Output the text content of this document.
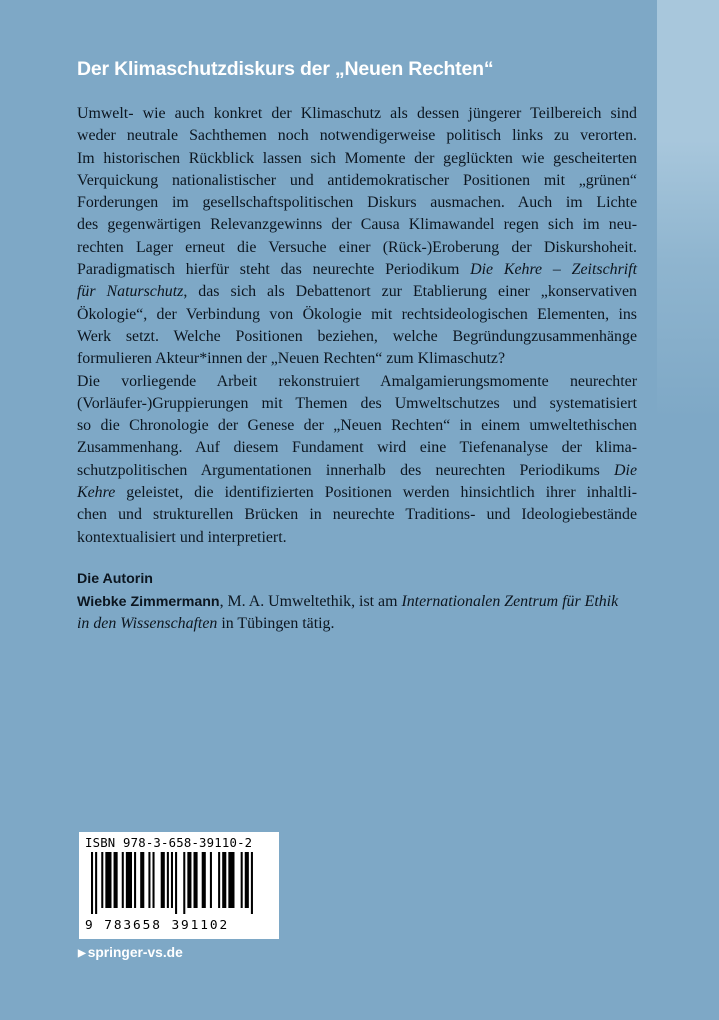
Der Klimaschutzdiskurs der „Neuen Rechten“

Umwelt- wie auch konkret der Klimaschutz als dessen jüngerer Teilbereich sind
weder neutrale Sachthemen noch notwendigerweise politisch links zu verorten.
Im historischen Rückblick lassen sich Momente der geglückten wie gescheiterten
Verquickung nationalistischer und antidemokratischer Positionen mit „grünen“
Forderungen im gesellschaftspolitischen Diskurs ausmachen. Auch im Lichte
des gegenwärtigen Relevanzgewinns der Causa Klimawandel regen sich im neu-
rechten Lager erneut die Versuche einer (Rück-)Eroberung der Diskurshoheit.
Paradigmatisch hierfür steht das neurechte Periodikum Die Kehre – Zeitschrift
für Naturschutz, das sich als Debattenort zur Etablierung einer „konservativen
Ökologie“, der Verbindung von Ökologie mit rechtsideologischen Elementen, ins
Werk setzt. Welche Positionen beziehen, welche Begründungzusammenhänge
formulieren Akteur*innen der „Neuen Rechten“ zum Klimaschutz?
Die vorliegende Arbeit rekonstruiert Amalgamierungsmomente neurechter
(Vorläufer-)Gruppierungen mit Themen des Umweltschutzes und systematisiert
so die Chronologie der Genese der „Neuen Rechten“ in einem umweltethischen
Zusammenhang. Auf diesem Fundament wird eine Tiefenanalyse der klima-
schutzpolitischen Argumentationen innerhalb des neurechten Periodikums Die
Kehre geleistet, die identifizierten Positionen werden hinsichtlich ihrer inhaltli-
chen und strukturellen Brücken in neurechte Traditions- und Ideologiebestände
kontextualisiert und interpretiert.

Die Autorin
Wiebke Zimmermann, M. A. Umweltethik, ist am Internationalen Zentrum für Ethik
in den Wissenschaften in Tübingen tätig.
ISBN 978-3-658-39110-2
9 783658 391102
▶ springer-vs.de
